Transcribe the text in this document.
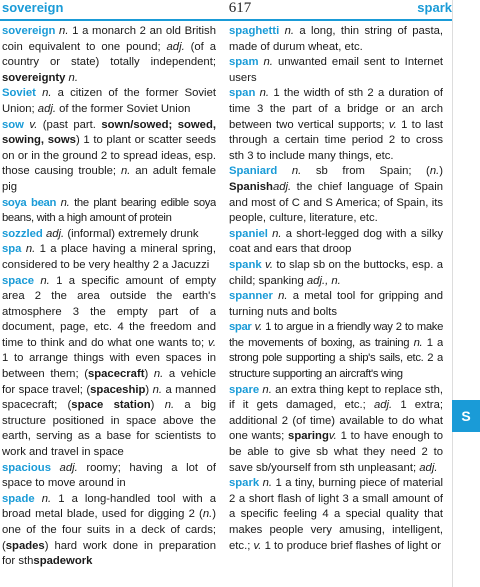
sovereign	617	spark
sovereign n. 1 a monarch 2 an old British coin equivalent to one pound; adj. (of a country or state) totally independent; sovereignty n.
Soviet n. a citizen of the former Soviet Union; adj. of the former Soviet Union
sow v. (past part. sown/sowed; sowed, sowing, sows) 1 to plant or scatter seeds on or in the ground 2 to spread ideas, esp. those causing trouble; n. an adult female pig
soya bean n. the plant bearing edible soya beans, with a high amount of protein
sozzled adj. (informal) extremely drunk
spa n. 1 a place having a mineral spring, considered to be very healthy 2 a Jacuzzi
space n. 1 a specific amount of empty area 2 the area outside the earth's atmosphere 3 the empty part of a document, page, etc. 4 the freedom and time to think and do what one wants to; v. 1 to arrange things with even spaces in between them; (spacecraft) n. a vehicle for space travel; (spaceship) n. a manned spacecraft; (space station) n. a big structure positioned in space above the earth, serving as a base for scientists to work and travel in space
spacious adj. roomy; having a lot of space to move around in
spade n. 1 a long-handled tool with a broad metal blade, used for digging 2 (n.) one of the four suits in a deck of cards; (spades) hard work done in preparation for sthspadework
spaghetti n. a long, thin string of pasta, made of durum wheat, etc.
spam n. unwanted email sent to Internet users
span n. 1 the width of sth 2 a duration of time 3 the part of a bridge or an arch between two vertical supports; v. 1 to last through a certain time period 2 to cross sth 3 to include many things, etc.
Spaniard n. sb from Spain; (n.) Spanishadj. the chief language of Spain and most of C and S America; of Spain, its people, culture, literature, etc.
spaniel n. a short-legged dog with a silky coat and ears that droop
spank v. to slap sb on the buttocks, esp. a child; spanking adj., n.
spanner n. a metal tool for gripping and turning nuts and bolts
spar v. 1 to argue in a friendly way 2 to make the movements of boxing, as training n. 1 a strong pole supporting a ship's sails, etc. 2 a structure supporting an aircraft's wing
spare n. an extra thing kept to replace sth, if it gets damaged, etc.; adj. 1 extra; additional 2 (of time) available to do what one wants; sparingv. 1 to have enough to be able to give sb what they need 2 to save sb/yourself from sth unpleasant; adj.
spark n. 1 a tiny, burning piece of material 2 a short flash of light 3 a small amount of a specific feeling 4 a special quality that makes people very amusing, intelligent, etc.; v. 1 to produce brief flashes of light or
S
